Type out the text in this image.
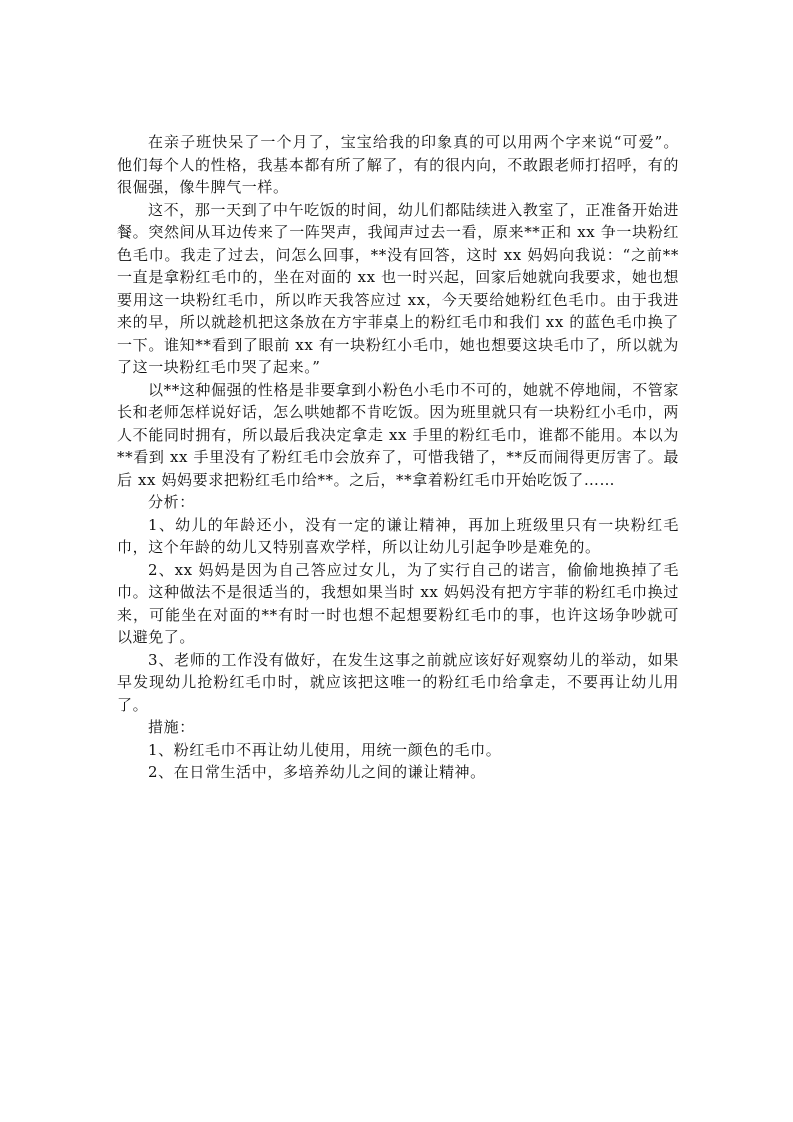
在亲子班快呆了一个月了，宝宝给我的印象真的可以用两个字来说“可爱”。他们每个人的性格，我基本都有所了解了，有的很内向，不敢跟老师打招呼，有的很倔强，像牛脾气一样。

这不，那一天到了中午吃饭的时间，幼儿们都陆续进入教室了，正准备开始进餐。突然间从耳边传来了一阵哭声，我闻声过去一看，原来**正和 xx 争一块粉红色毛巾。我走了过去，问怎么回事，**没有回答，这时 xx 妈妈向我说：“之前**一直是拿粉红毛巾的，坐在对面的 xx 也一时兴起，回家后她就向我要求，她也想要用这一块粉红毛巾，所以昨天我答应过 xx，今天要给她粉红色毛巾。由于我进来的早，所以就趁机把这条放在方宇菲桌上的粉红毛巾和我们 xx 的蓝色毛巾换了一下。谁知**看到了眼前 xx 有一块粉红小毛巾，她也想要这块毛巾了，所以就为了这一块粉红毛巾哭了起来。”

以**这种倔强的性格是非要拿到小粉色小毛巾不可的，她就不停地闹，不管家长和老师怎样说好话，怎么哄她都不肯吃饭。因为班里就只有一块粉红小毛巾，两人不能同时拥有，所以最后我决定拿走 xx 手里的粉红毛巾，谁都不能用。本以为**看到 xx 手里没有了粉红毛巾会放弃了，可惜我错了，**反而闹得更厉害了。最后 xx 妈妈要求把粉红毛巾给**。之后，**拿着粉红毛巾开始吃饭了……

分析：

1、幼儿的年龄还小，没有一定的谦让精神，再加上班级里只有一块粉红毛巾，这个年龄的幼儿又特别喜欢学样，所以让幼儿引起争吵是难免的。

2、xx 妈妈是因为自己答应过女儿，为了实行自己的诺言，偷偷地换掉了毛巾。这种做法不是很适当的，我想如果当时 xx 妈妈没有把方宇菲的粉红毛巾换过来，可能坐在对面的**有时一时也想不起想要粉红毛巾的事，也许这场争吵就可以避免了。

3、老师的工作没有做好，在发生这事之前就应该好好观察幼儿的举动，如果早发现幼儿抢粉红毛巾时，就应该把这唯一的粉红毛巾给拿走，不要再让幼儿用了。

措施：

1、粉红毛巾不再让幼儿使用，用统一颜色的毛巾。

2、在日常生活中，多培养幼儿之间的谦让精神。
